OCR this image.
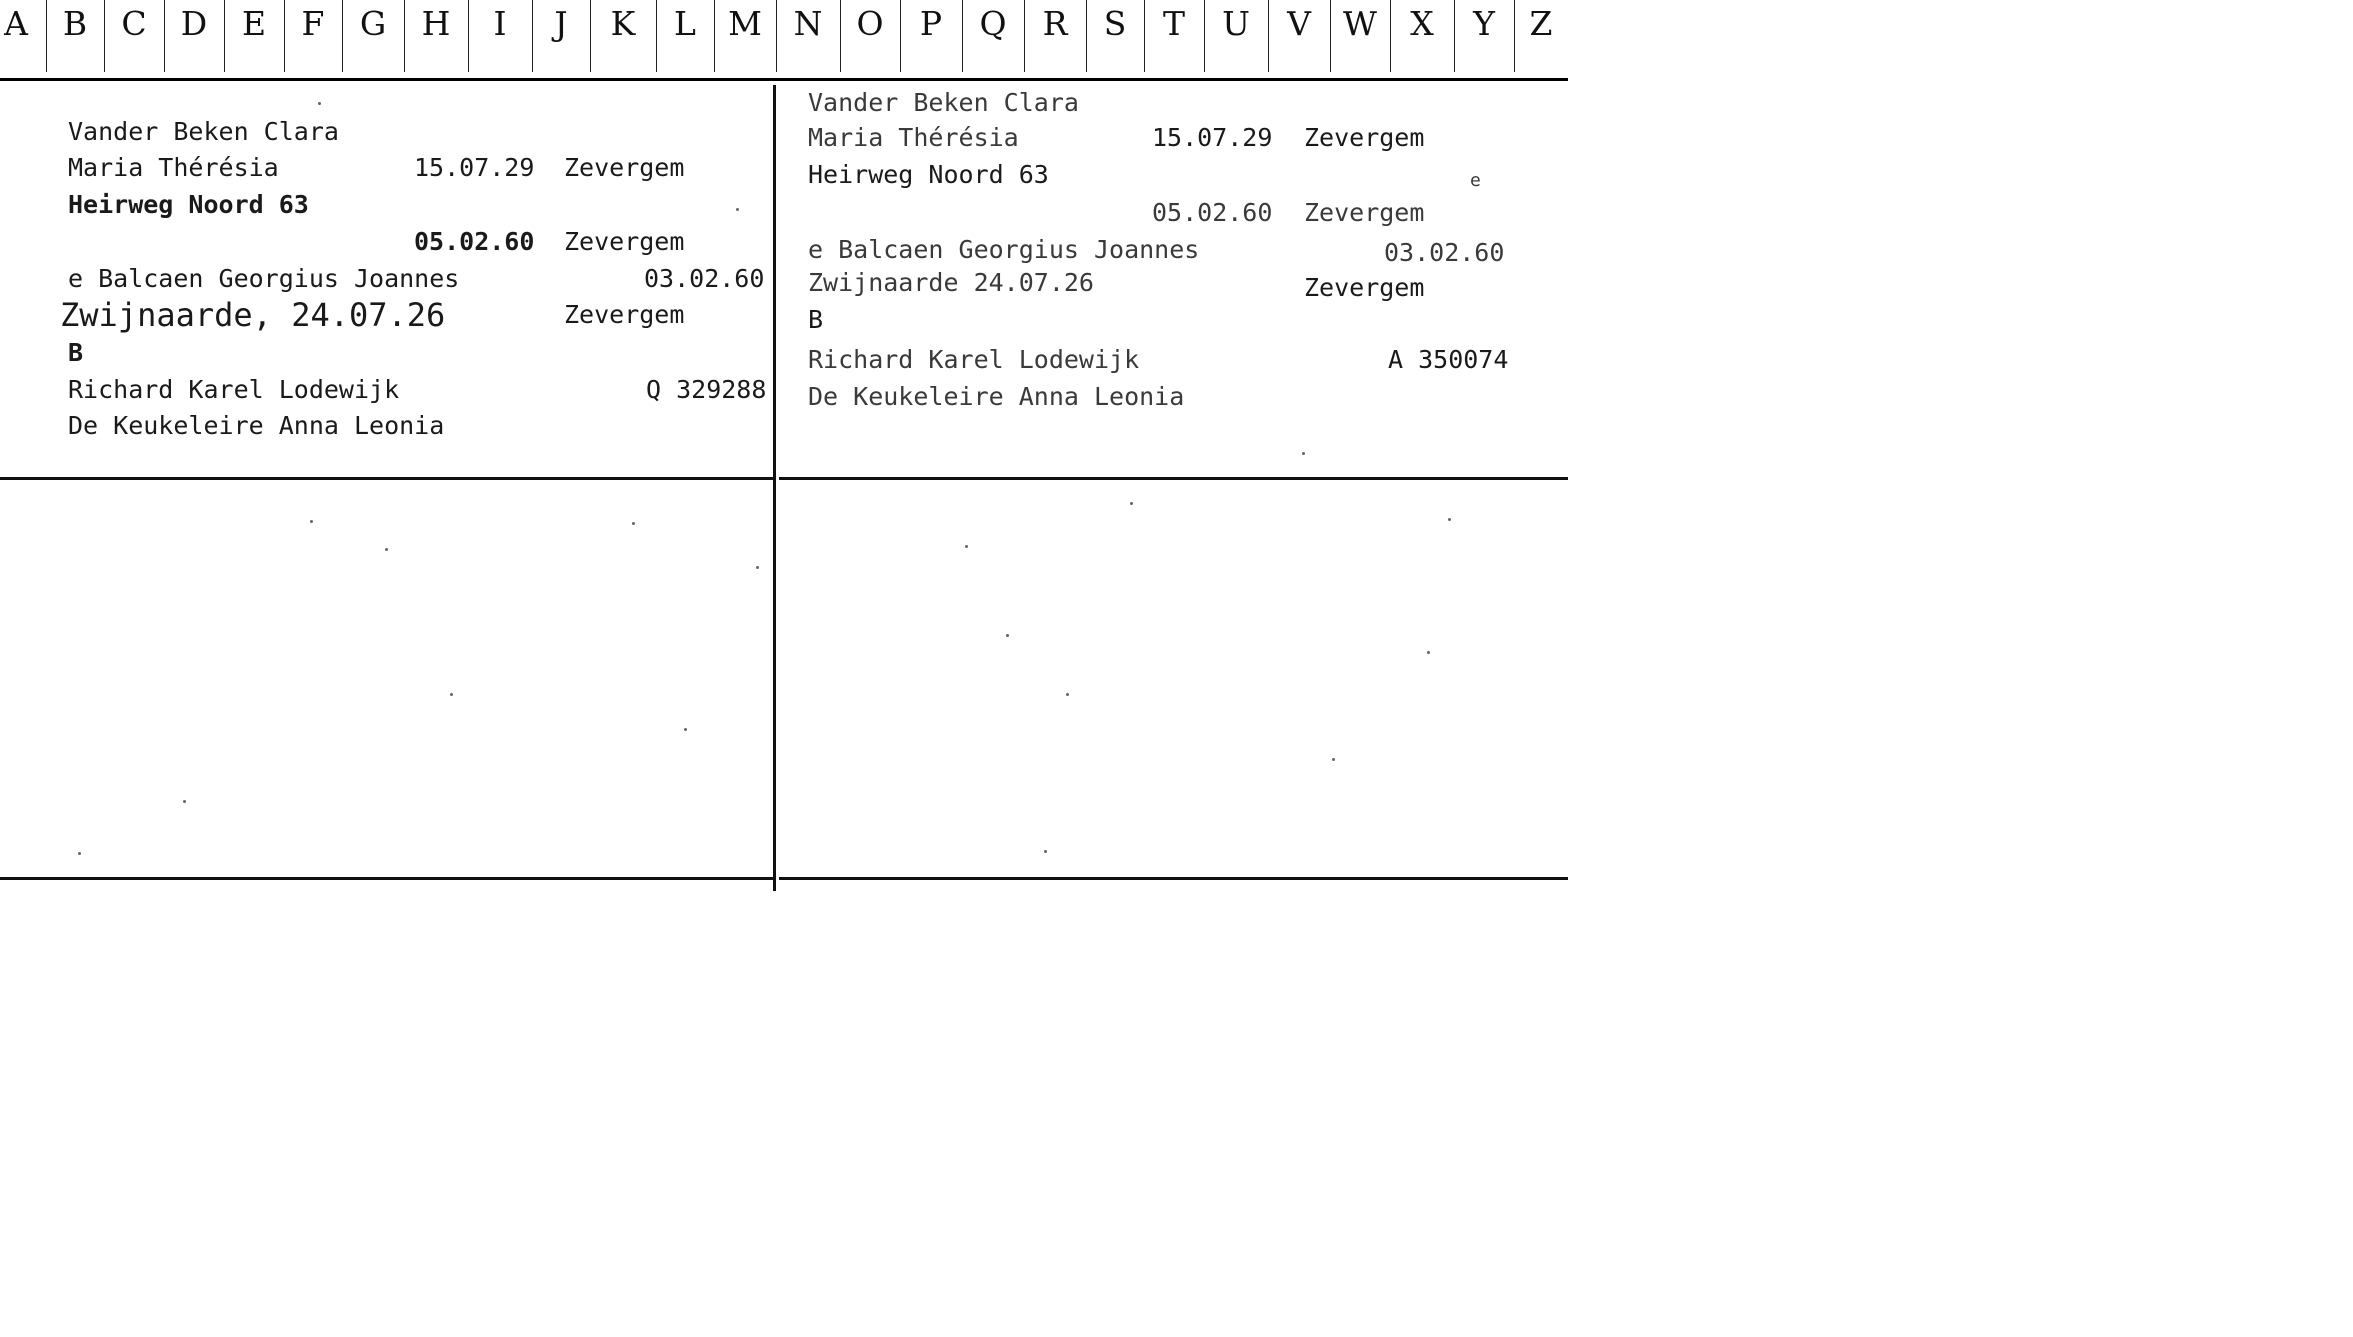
A	B	C	D	E	F	G	H	I	J	K	L M N	O	P	Q	R	S	T	U	V W	X	Y	Z
Vander Beken Clara
Maria Thérésia	15.07.29 Zevergem
Heirweg Noord 63
05.02.60 Zevergem
e Balcaen Georgius Joannes	03.02.60
Zwijnaarde, 24.07.26	Zevergem
B
Richard Karel Lodewijk	Q 329288
De Keukeleire Anna Leonia
Vander Beken Clara
Maria Thérésia	15.07.29 Zevergem
Heirweg Noord 63	e
05.02.60 Zevergem
e Balcaen Georgius Joannes	03.02.60
Zwijnaarde 24.07.26	Zevergem
B
Richard Karel Lodewijk	A 350074
De Keukeleire Anna Leonia
